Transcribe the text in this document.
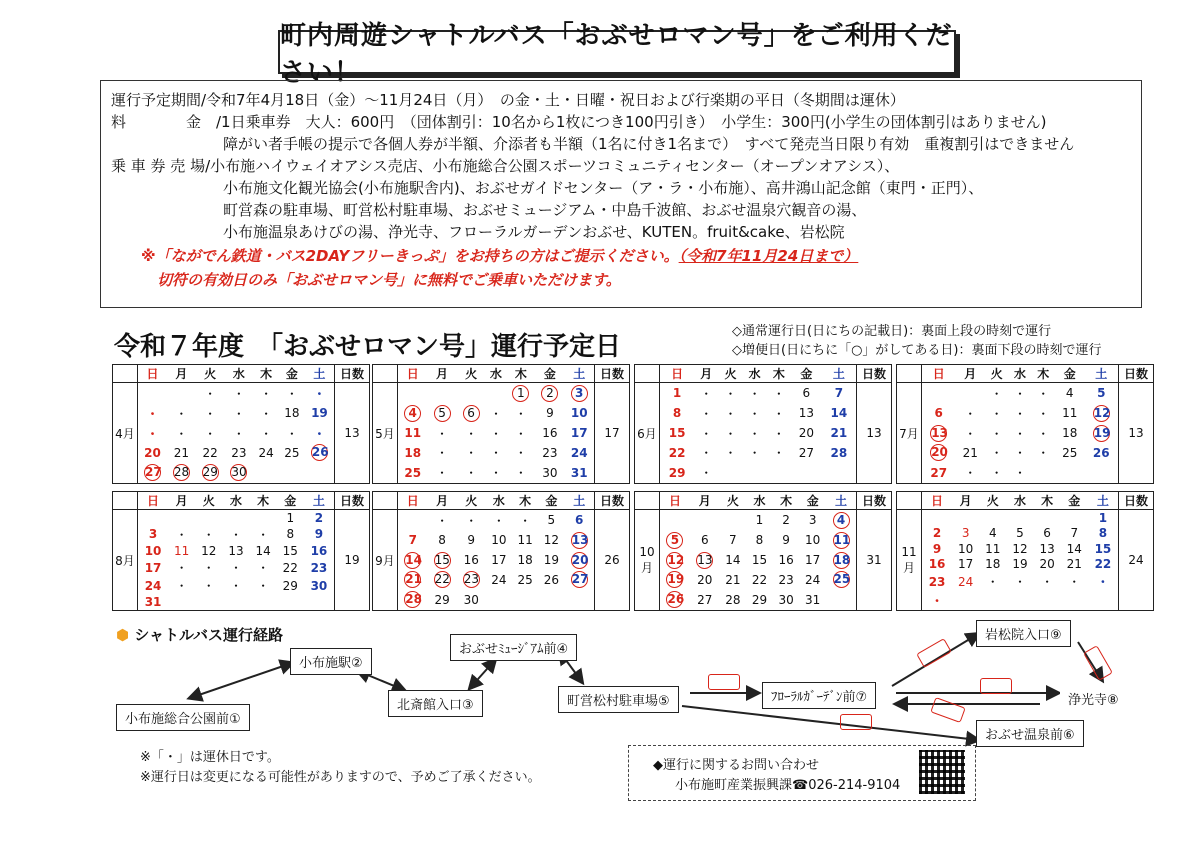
町内周遊シャトルバス「おぶせロマン号」をご利用ください！
運行予定期間/令和7年4月18日（金）～11月24日（月）　の金・土・日曜・祝日および行楽期の平日（冬期間は運休）
料　　　　金　/1日乗車券　大人：600円　（団体割引：10名から1枚につき100円引き）　小学生：300円(小学生の団体割引はありません)
障がい者手帳の提示で各個人券が半額、介添者も半額（1名に付き1名まで）　すべて発売当日限り有効　重複割引はできません
乗 車 券 売 場/小布施ハイウェイオアシス売店、小布施総合公園スポーツコミュニティセンター（オープンオアシス）、
小布施文化観光協会(小布施駅舎内)、おぶせガイドセンター（ア・ラ・小布施）、高井鴻山記念館（東門・正門）、
町営森の駐車場、町営松村駐車場、おぶせミュージアム・中島千波館、おぶせ温泉穴観音の湯、
小布施温泉あけびの湯、浄光寺、フローラルガーデンおぶせ、KUTEN。fruit&cake、岩松院
※「ながでん鉄道・バス2DAYフリーきっぷ」をお持ちの方はご提示ください。（令和7年11月24日まで）
切符の有効日のみ「おぶせロマン号」に無料でご乗車いただけます。
令和７年度　「おぶせロマン号」運行予定日
◇通常運行日(日にちの記載日)：裏面上段の時刻で運行
◇増便日(日にちに「○」がしてある日)：裏面下段の時刻で運行
	日	月	火	水	木	金	土	日数
4月			・	・	・	・	・	13
	・	・	・	・	・	18	19	
	・	・	・	・	・	・	・	
	20	21	22	23	24	25	26	
	27	28	29	30				
	日	月	火	水	木	金	土	日数
5月					1	2	3	17
	4	5	6	・	・	9	10	
	11	・	・	・	・	16	17	
	18	・	・	・	・	23	24	
	25	・	・	・	・	30	31	
	日	月	火	水	木	金	土	日数
6月	1	・	・	・	・	6	7	13
	8	・	・	・	・	13	14	
	15	・	・	・	・	20	21	
	22	・	・	・	・	27	28	
	29	・						
	日	月	火	水	木	金	土	日数
7月			・	・	・	4	5	13
	6	・	・	・	・	11	12	
	13	・	・	・	・	18	19	
	20	21	・	・	・	25	26	
	27	・	・	・				
	日	月	火	水	木	金	土	日数
8月						1	2	19
	3	・	・	・	・	8	9	
	10	11	12	13	14	15	16	
	17	・	・	・	・	22	23	
	24	・	・	・	・	29	30	
	31							
	日	月	火	水	木	金	土	日数
9月		・	・	・	・	5	6	26
	7	8	9	10	11	12	13	
	14	15	16	17	18	19	20	
	21	22	23	24	25	26	27	
	28	29	30					
	日	月	火	水	木	金	土	日数
10月				1	2	3	4	31
	5	6	7	8	9	10	11	
	12	13	14	15	16	17	18	
	19	20	21	22	23	24	25	
	26	27	28	29	30	31		
	日	月	火	水	木	金	土	日数
11月							1	24
	2	3	4	5	6	7	8	
	9	10	11	12	13	14	15	
	16	17	18	19	20	21	22	
	23	24	・	・	・	・	・	
	・							
⬢ シャトルバス運行経路
小布施総合公園前①
小布施駅②
北斎館入口③
おぶせﾐｭｰｼﾞｱﾑ前④
町営松村駐車場⑤
おぶせ温泉前⑥
ﾌﾛｰﾗﾙｶﾞｰﾃﾞﾝ前⑦	浄光寺⑧
岩松院入口⑨
※「・」は運休日です。
※運行日は変更になる可能性がありますので、予めご了承ください。
◆運行に関するお問い合わせ
小布施町産業振興課☎026-214-9104
